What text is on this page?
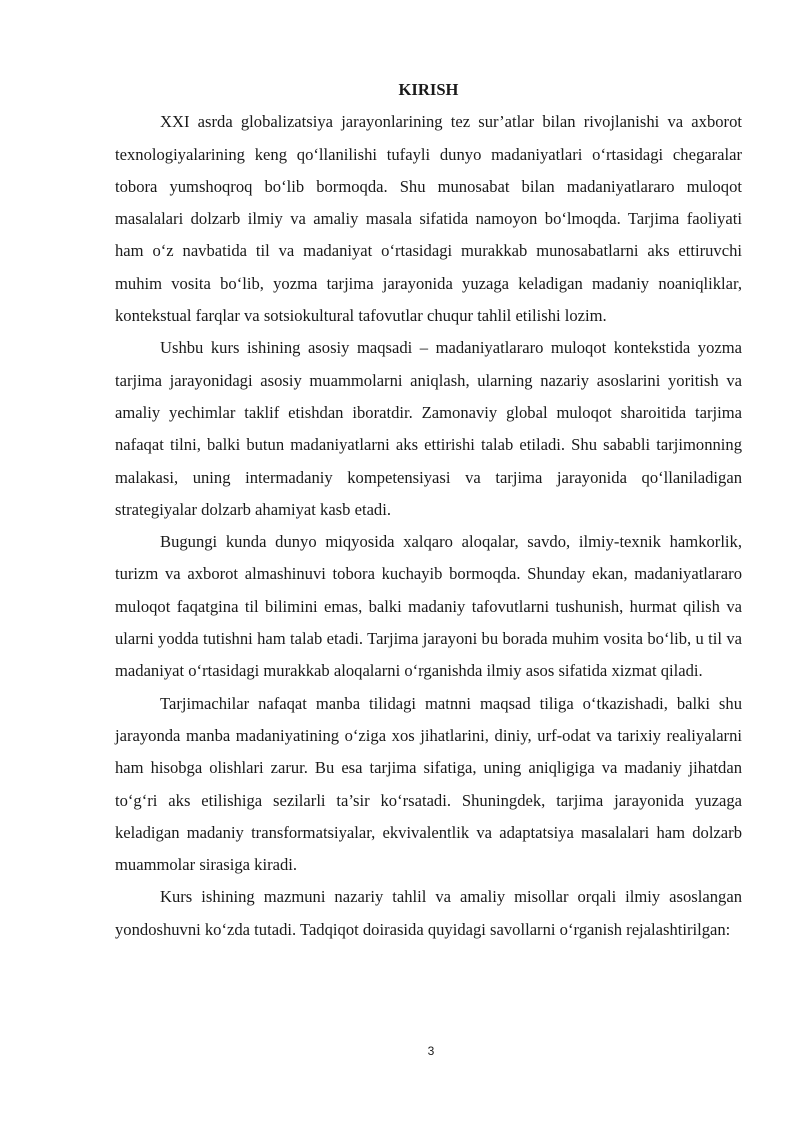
KIRISH

XXI asrda globalizatsiya jarayonlarining tez sur’atlar bilan rivojlanishi va axborot texnologiyalarining keng qo‘llanilishi tufayli dunyo madaniyatlari o‘rtasidagi chegaralar tobora yumshoqroq bo‘lib bormoqda. Shu munosabat bilan madaniyatlararo muloqot masalalari dolzarb ilmiy va amaliy masala sifatida namoyon bo‘lmoqda. Tarjima faoliyati ham o‘z navbatida til va madaniyat o‘rtasidagi murakkab munosabatlarni aks ettiruvchi muhim vosita bo‘lib, yozma tarjima jarayonida yuzaga keladigan madaniy noaniqliklar, kontekstual farqlar va sotsiokultural tafovutlar chuqur tahlil etilishi lozim.

Ushbu kurs ishining asosiy maqsadi – madaniyatlararo muloqot kontekstida yozma tarjima jarayonidagi asosiy muammolarni aniqlash, ularning nazariy asoslarini yoritish va amaliy yechimlar taklif etishdan iboratdir. Zamonaviy global muloqot sharoitida tarjima nafaqat tilni, balki butun madaniyatlarni aks ettirishi talab etiladi. Shu sababli tarjimonning malakasi, uning intermadaniy kompetensiyasi va tarjima jarayonida qo‘llaniladigan strategiyalar dolzarb ahamiyat kasb etadi.

Bugungi kunda dunyo miqyosida xalqaro aloqalar, savdo, ilmiy-texnik hamkorlik, turizm va axborot almashinuvi tobora kuchayib bormoqda. Shunday ekan, madaniyatlararo muloqot faqatgina til bilimini emas, balki madaniy tafovutlarni tushunish, hurmat qilish va ularni yodda tutishni ham talab etadi. Tarjima jarayoni bu borada muhim vosita bo‘lib, u til va madaniyat o‘rtasidagi murakkab aloqalarni o‘rganishda ilmiy asos sifatida xizmat qiladi.

Tarjimachilar nafaqat manba tilidagi matnni maqsad tiliga o‘tkazishadi, balki shu jarayonda manba madaniyatining o‘ziga xos jihatlarini, diniy, urf-odat va tarixiy realiyalarni ham hisobga olishlari zarur. Bu esa tarjima sifatiga, uning aniqligiga va madaniy jihatdan to‘g‘ri aks etilishiga sezilarli ta’sir ko‘rsatadi. Shuningdek, tarjima jarayonida yuzaga keladigan madaniy transformatsiyalar, ekvivalentlik va adaptatsiya masalalari ham dolzarb muammolar sirasiga kiradi.

Kurs ishining mazmuni nazariy tahlil va amaliy misollar orqali ilmiy asoslangan yondoshuvni ko‘zda tutadi. Tadqiqot doirasida quyidagi savollarni o‘rganish rejalashtirilgan:

3
